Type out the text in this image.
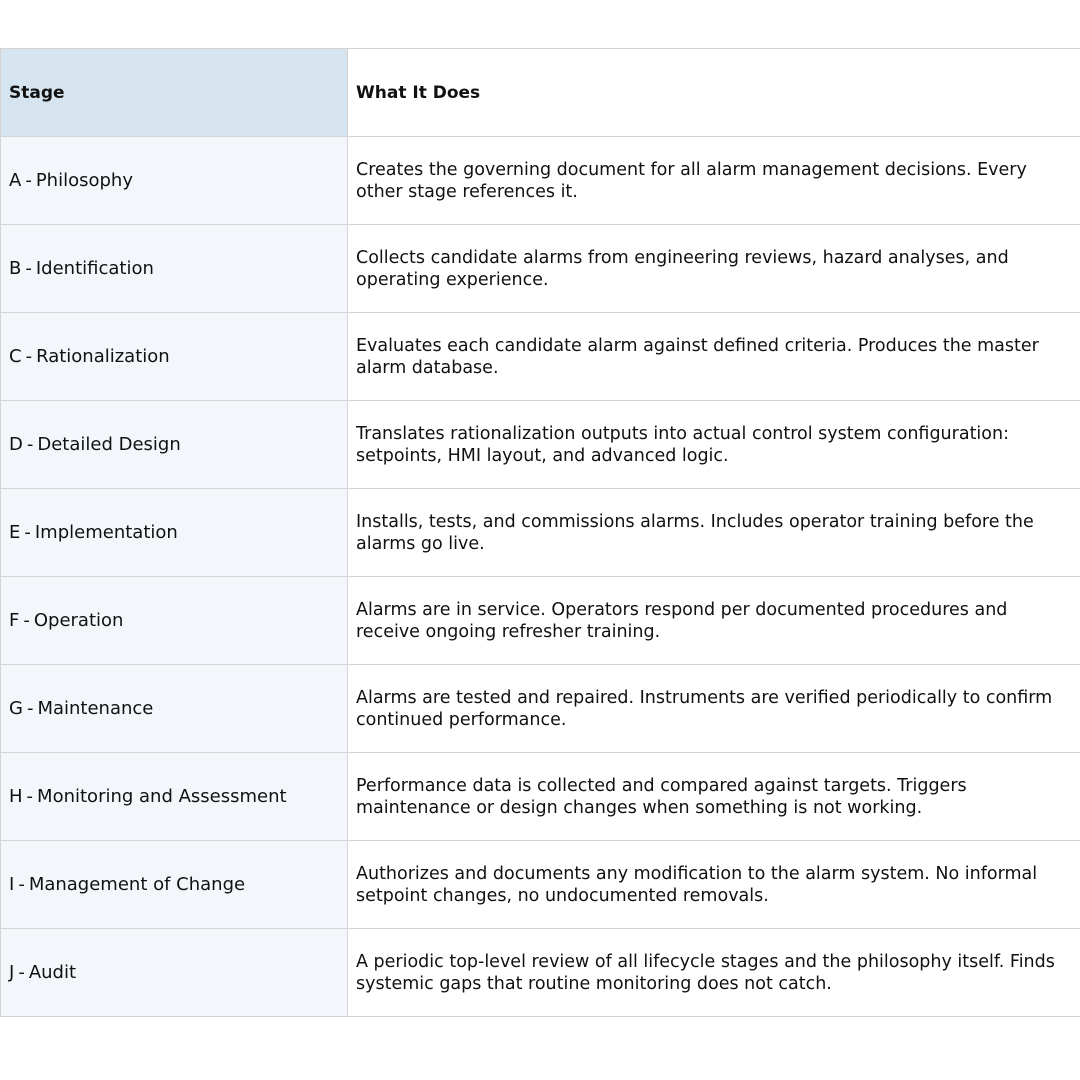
Stage	What It Does
A - Philosophy	Creates the governing document for all alarm management decisions. Every other stage references it.
B - Identification	Collects candidate alarms from engineering reviews, hazard analyses, and operating experience.
C - Rationalization	Evaluates each candidate alarm against defined criteria. Produces the master alarm database.
D - Detailed Design	Translates rationalization outputs into actual control system configuration: setpoints, HMI layout, and advanced logic.
E - Implementation	Installs, tests, and commissions alarms. Includes operator training before the alarms go live.
F - Operation	Alarms are in service. Operators respond per documented procedures and receive ongoing refresher training.
G - Maintenance	Alarms are tested and repaired. Instruments are verified periodically to confirm continued performance.
H - Monitoring and Assessment	Performance data is collected and compared against targets. Triggers maintenance or design changes when something is not working.
I - Management of Change	Authorizes and documents any modification to the alarm system. No informal setpoint changes, no undocumented removals.
J - Audit	A periodic top-level review of all lifecycle stages and the philosophy itself. Finds systemic gaps that routine monitoring does not catch.
